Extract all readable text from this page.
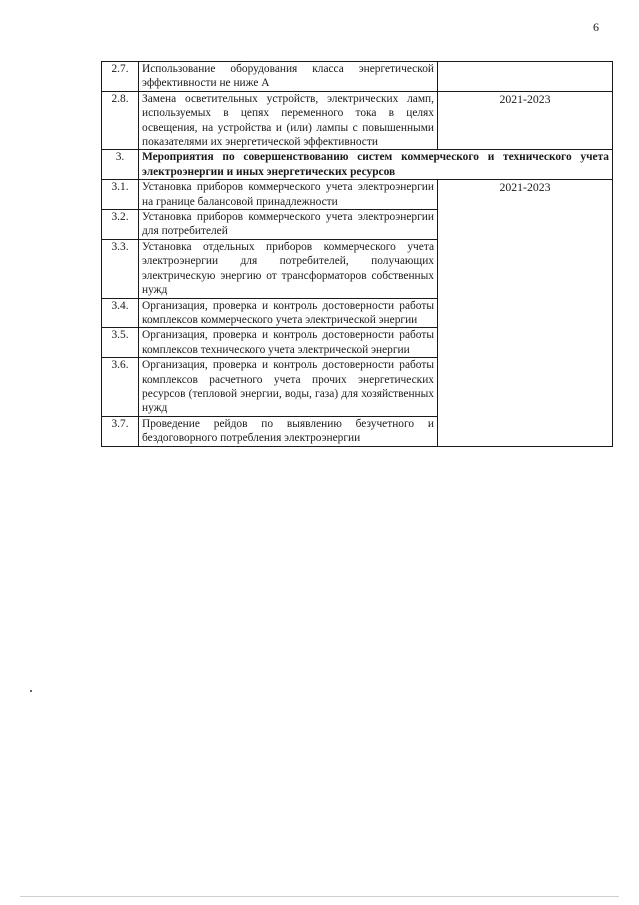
6
2.7.	Использование оборудования класса энергетической эффективности не ниже А	
2.8.	Замена осветительных устройств, электрических ламп, используемых в цепях переменного тока в целях освещения, на устройства и (или) лампы с повышенными показателями их энергетической эффективности	2021-2023
3.	Мероприятия по совершенствованию систем коммерческого и технического учета электроэнергии и иных энергетических ресурсов	
3.1.	Установка приборов коммерческого учета электроэнергии на границе балансовой принадлежности	2021-2023
3.2.	Установка приборов коммерческого учета электроэнергии для потребителей	
3.3.	Установка отдельных приборов коммерческого учета электроэнергии для потребителей, получающих электрическую энергию от трансформаторов собственных нужд	
3.4.	Организация, проверка и контроль достоверности работы комплексов коммерческого учета электрической энергии	
3.5.	Организация, проверка и контроль достоверности работы комплексов технического учета электрической энергии	
3.6.	Организация, проверка и контроль достоверности работы комплексов расчетного учета прочих энергетических ресурсов (тепловой энергии, воды, газа) для хозяйственных нужд	
3.7.	Проведение рейдов по выявлению безучетного и бездоговорного потребления электроэнергии	
